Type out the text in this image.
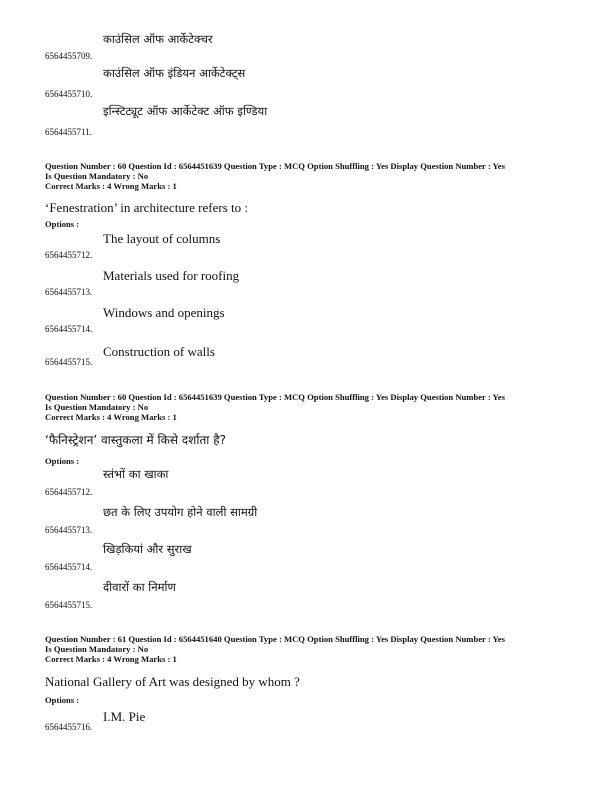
6564455709.
काउंसिल ऑफ आर्केटेक्चर
6564455710.
काउंसिल ऑफ इंडियन आर्केटेक्ट्स
6564455711.
इन्स्टिट्यूट ऑफ आर्केटेक्ट ऑफ इण्डिया
Question Number : 60 Question Id : 6564451639 Question Type : MCQ Option Shuffling : Yes Display Question Number : Yes
Is Question Mandatory : No
Correct Marks : 4 Wrong Marks : 1
‘Fenestration’ in architecture refers to :
Options :
6564455712.
The layout of columns
6564455713.
Materials used for roofing
6564455714.
Windows and openings
6564455715.
Construction of walls
Question Number : 60 Question Id : 6564451639 Question Type : MCQ Option Shuffling : Yes Display Question Number : Yes
Is Question Mandatory : No
Correct Marks : 4 Wrong Marks : 1
‘फैनिस्ट्रेशन’ वास्तुकला में किसे दर्शाता है?
Options :
6564455712.
स्तंभों का खाका
6564455713.
छत के लिए उपयोग होने वाली सामग्री
6564455714.
खिड़कियां और सुराख
6564455715.
दीवारों का निर्माण
Question Number : 61 Question Id : 6564451640 Question Type : MCQ Option Shuffling : Yes Display Question Number : Yes
Is Question Mandatory : No
Correct Marks : 4 Wrong Marks : 1
National Gallery of Art was designed by whom ?
Options :
6564455716.
I.M. Pie
